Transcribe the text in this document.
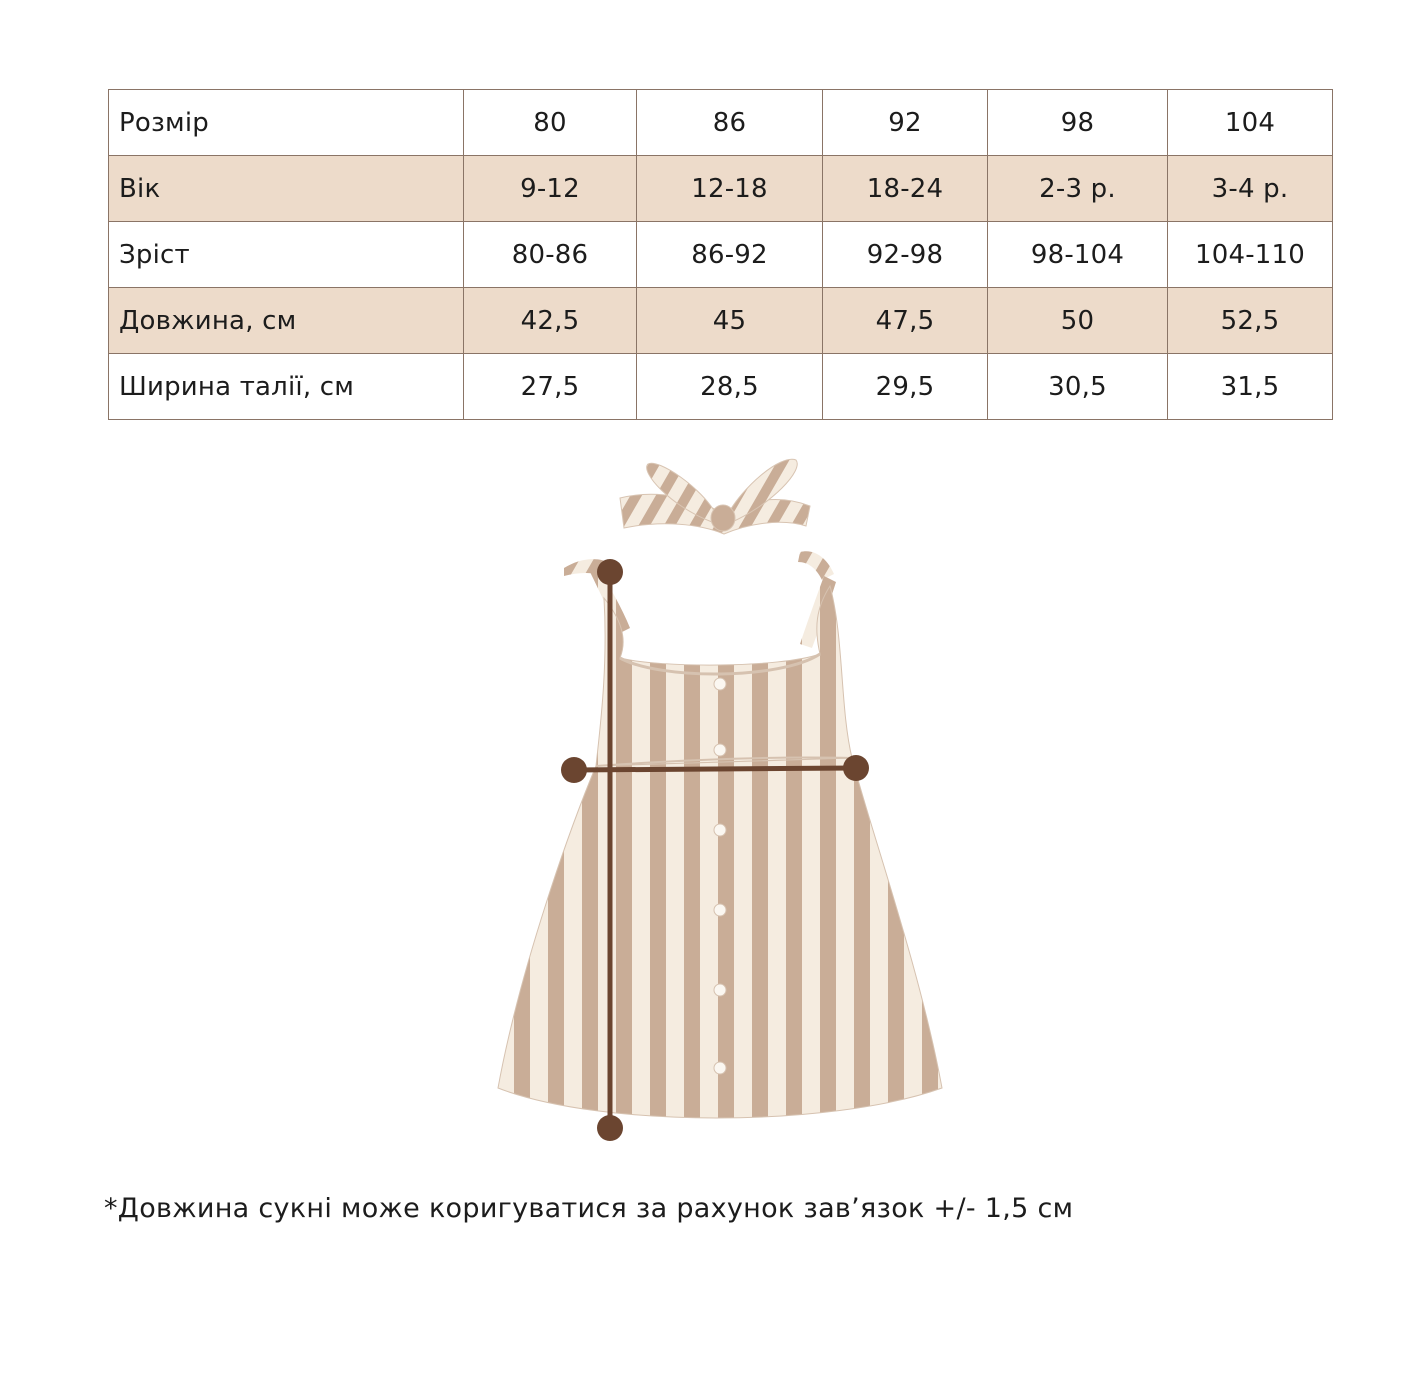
Розмір	80	86	92	98	104
Вік	9-12	12-18	18-24	2-3 р.	3-4 р.
Зріст	80-86	86-92	92-98	98-104	104-110
Довжина, см	42,5	45	47,5	50	52,5
Ширина талії, см	27,5	28,5	29,5	30,5	31,5
*Довжина сукні може коригуватися за рахунок зав’язок +/- 1,5 см
